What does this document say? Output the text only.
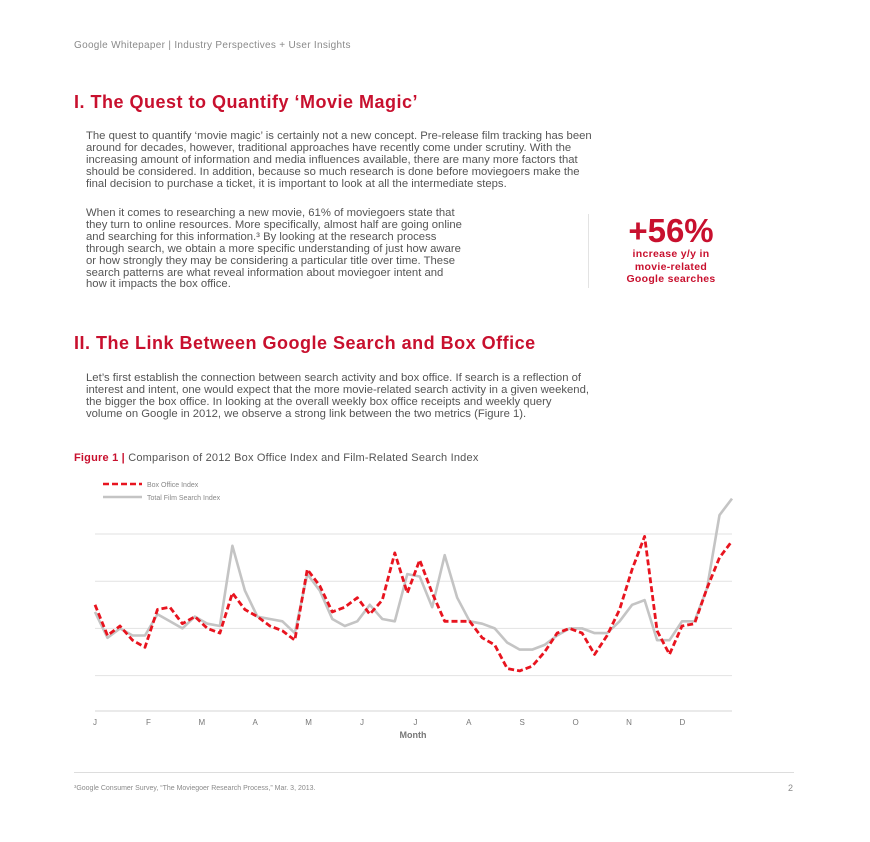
Google Whitepaper | Industry Perspectives + User Insights
I. The Quest to Quantify ‘Movie Magic’
The quest to quantify ‘movie magic’ is certainly not a new concept. Pre-release film tracking has been
around for decades, however, traditional approaches have recently come under scrutiny. With the
increasing amount of information and media influences available, there are many more factors that
should be considered. In addition, because so much research is done before moviegoers make the
final decision to purchase a ticket, it is important to look at all the intermediate steps.
When it comes to researching a new movie, 61% of moviegoers state that
they turn to online resources. More specifically, almost half are going online
and searching for this information.³ By looking at the research process
through search, we obtain a more specific understanding of just how aware
or how strongly they may be considering a particular title over time. These
search patterns are what reveal information about moviegoer intent and
how it impacts the box office.
+56%
increase y/y in
movie-related
Google searches
II. The Link Between Google Search and Box Office
Let’s first establish the connection between search activity and box office. If search is a reflection of
interest and intent, one would expect that the more movie-related search activity in a given weekend,
the bigger the box office. In looking at the overall weekly box office receipts and weekly query
volume on Google in 2012, we observe a strong link between the two metrics (Figure 1).
Figure 1 | Comparison of 2012 Box Office Index and Film-Related Search Index
J	F	M	A	M	J	J	A	S	O	N	D
Box Office Index
Total Film Search Index
Month
³Google Consumer Survey, “The Moviegoer Research Process,” Mar. 3, 2013.	2
